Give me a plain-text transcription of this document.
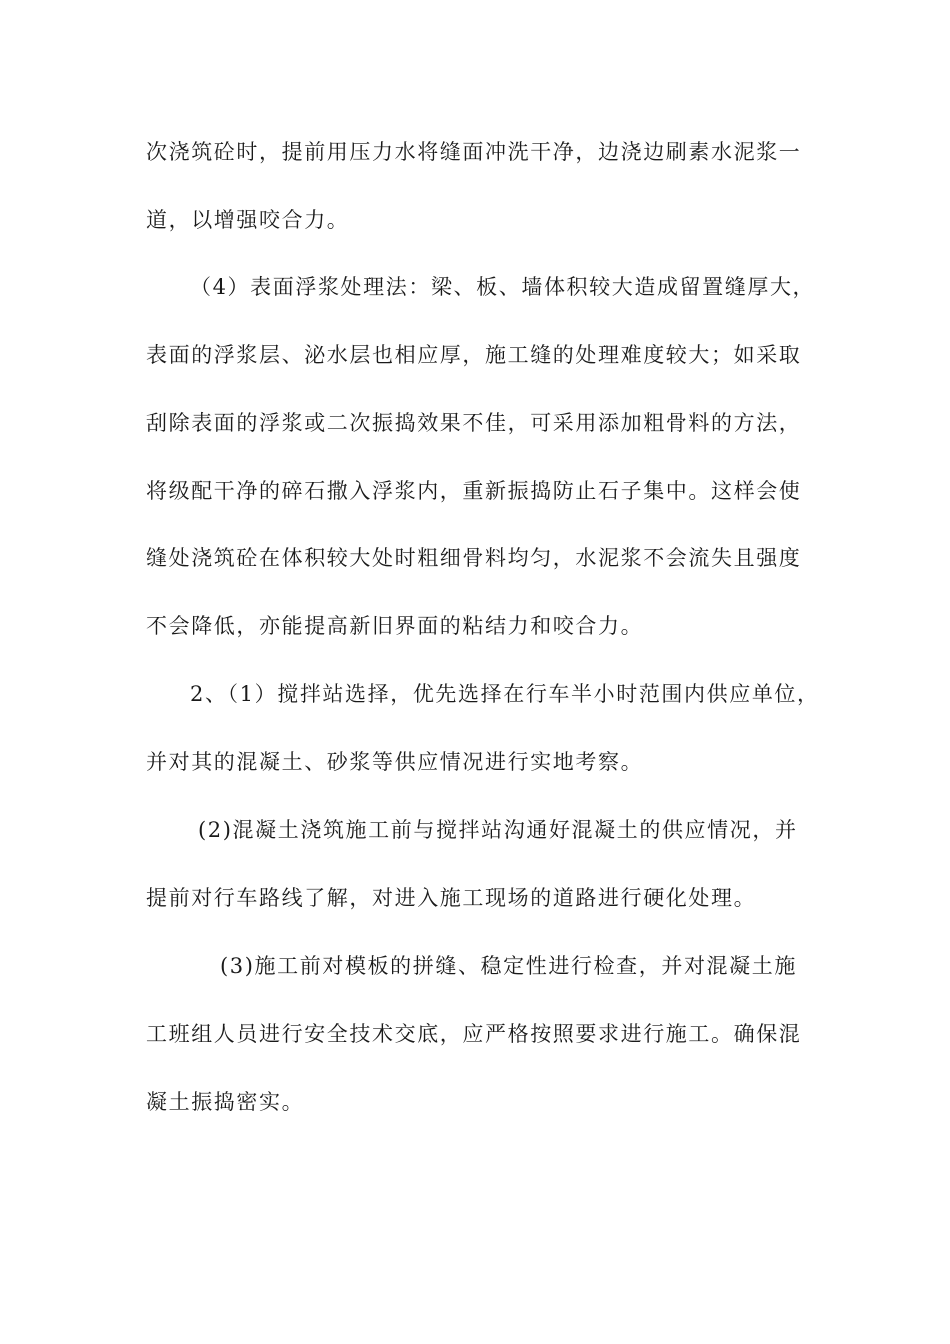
次浇筑砼时，提前用压力水将缝面冲洗干净，边浇边刷素水泥浆一
道，以增强咬合力。
（4）表面浮浆处理法：梁、板、墙体积较大造成留置缝厚大，
表面的浮浆层、泌水层也相应厚，施工缝的处理难度较大；如采取
刮除表面的浮浆或二次振捣效果不佳，可采用添加粗骨料的方法，
将级配干净的碎石撒入浮浆内，重新振捣防止石子集中。这样会使
缝处浇筑砼在体积较大处时粗细骨料均匀，水泥浆不会流失且强度
不会降低，亦能提高新旧界面的粘结力和咬合力。
2、（1）搅拌站选择，优先选择在行车半小时范围内供应单位，
并对其的混凝土、砂浆等供应情况进行实地考察。
(2)混凝土浇筑施工前与搅拌站沟通好混凝土的供应情况，并
提前对行车路线了解，对进入施工现场的道路进行硬化处理。
(3)施工前对模板的拼缝、稳定性进行检查，并对混凝土施
工班组人员进行安全技术交底，应严格按照要求进行施工。确保混
凝土振捣密实。
